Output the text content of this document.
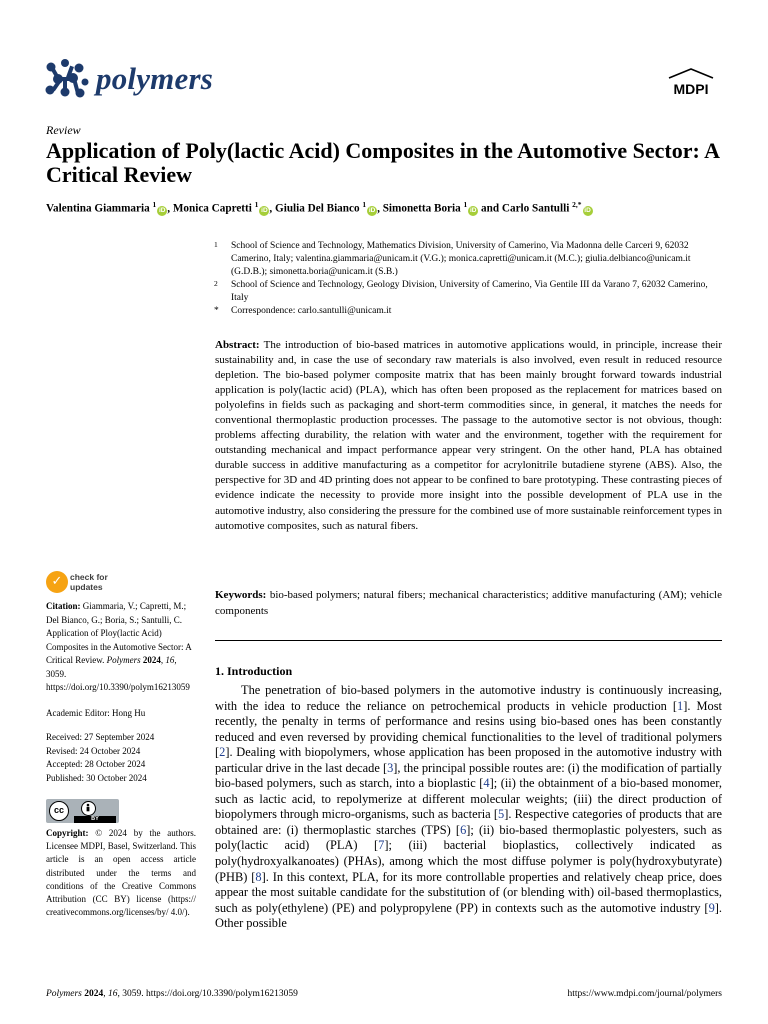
polymers	MDPI
Review
Application of Poly(lactic Acid) Composites in the Automotive Sector: A Critical Review
Valentina Giammaria $^1$iD , Monica Capretti $^1$iD , Giulia Del Bianco $^1$iD , Simonetta Boria $^1$iD and Carlo Santulli $^{2,*}$iD
1 School of Science and Technology, Mathematics Division, University of Camerino, Via Madonna delle Carceri 9, 62032 Camerino, Italy; valentina.giammaria@unicam.it (V.G.); monica.capretti@unicam.it (M.C.); giulia.delbianco@unicam.it (G.D.B.); simonetta.boria@unicam.it (S.B.)
2 School of Science and Technology, Geology Division, University of Camerino, Via Gentile III da Varano 7, 62032 Camerino, Italy
* Correspondence: carlo.santulli@unicam.it
Abstract: The introduction of bio-based matrices in automotive applications would, in principle, increase their sustainability and, in case the use of secondary raw materials is also involved, even result in reduced resource depletion. The bio-based polymer composite matrix that has been mainly brought forward towards industrial application is poly(lactic acid) (PLA), which has often been proposed as the replacement for matrices based on polyolefins in fields such as packaging and short-term commodities since, in general, it matches the needs for conventional thermoplastic production processes. The passage to the automotive sector is not obvious, though: problems affecting durability, the relation with water and the environment, together with the requirement for outstanding mechanical and impact performance appear very stringent. On the other hand, PLA has obtained durable success in additive manufacturing as a competitor for acrylonitrile butadiene styrene (ABS). Also, the perspective for 3D and 4D printing does not appear to be confined to bare prototyping. These contrasting pieces of evidence indicate the necessity to provide more insight into the possible development of PLA use in the automotive industry, also considering the pressure for the combined use of more sustainable reinforcement types in automotive composites, such as natural fibers.
Keywords: bio-based polymers; natural fibers; mechanical characteristics; additive manufacturing (AM); vehicle components
1. Introduction
The penetration of bio-based polymers in the automotive industry is continuously increasing, with the idea to reduce the reliance on petrochemical products in vehicle production [1]. Most recently, the penalty in terms of performance and resins using bio-based ones has been constantly reduced and even reversed by providing chemical functionalities to the level of traditional polymers [2]. Dealing with biopolymers, whose application has been proposed in the automotive industry with particular drive in the last decade [3], the principal possible routes are: (i) the modification of partially bio-based polymers, such as starch, into a bioplastic [4]; (ii) the obtainment of a bio-based monomer, such as lactic acid, to repolymerize at different molecular weights; (iii) the direct production of biopolymers through micro-organisms, such as bacteria [5]. Respective categories of products that are obtained are: (i) thermoplastic starches (TPS) [6]; (ii) bio-based thermoplastic polyesters, such as poly(lactic acid) (PLA) [7]; (iii) bacterial bioplastics, collectively indicated as poly(hydroxyalkanoates) (PHAs), among which the most diffuse polymer is poly(hydroxybutyrate) (PHB) [8]. In this context, PLA, for its more controllable properties and relatively cheap price, does appear the most suitable candidate for the substitution of (or blending with) oil-based thermoplastics, such as poly(ethylene) (PE) and polypropylene (PP) in contexts such as the automotive industry [9]. Other possible
✓ check for
updates
Citation: Giammaria, V.; Capretti, M.; Del Bianco, G.; Boria, S.; Santulli, C. Application of Ploy(lactic Acid) Composites in the Automotive Sector: A Critical Review. Polymers 2024, 16, 3059. https://doi.org/10.3390/polym16213059
Academic Editor: Hong Hu
Received: 27 September 2024
Revised: 24 October 2024
Accepted: 28 October 2024
Published: 30 October 2024
cc
BY
Copyright: © 2024 by the authors. Licensee MDPI, Basel, Switzerland. This article is an open access article distributed under the terms and conditions of the Creative Commons Attribution (CC BY) license (https:// creativecommons.org/licenses/by/ 4.0/).
Polymers 2024, 16, 3059. https://doi.org/10.3390/polym16213059	https://www.mdpi.com/journal/polymers
